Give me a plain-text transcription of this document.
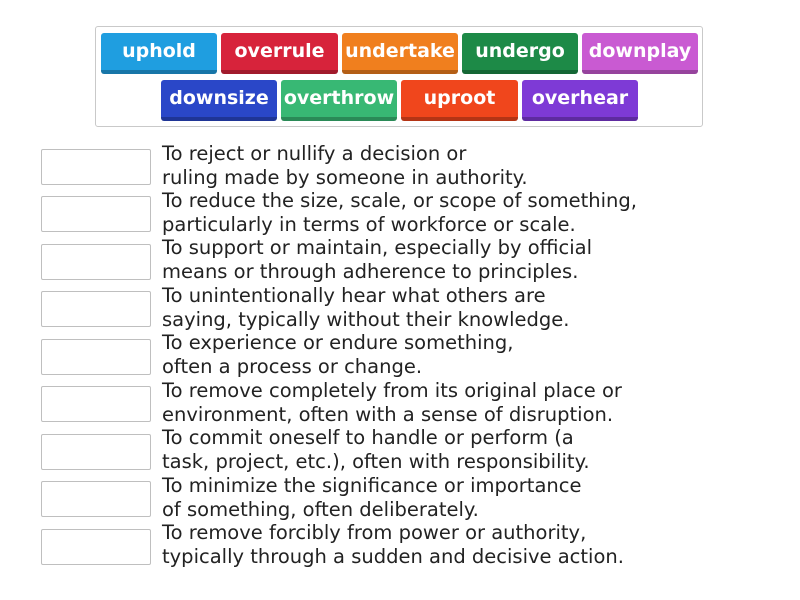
uphold	overrule	undertake	undergo	downplay
downsize overthrow	uproot	overhear
To reject or nullify a decision or
ruling made by someone in authority.
To reduce the size, scale, or scope of something,
particularly in terms of workforce or scale.
To support or maintain, especially by official
means or through adherence to principles.
To unintentionally hear what others are
saying, typically without their knowledge.
To experience or endure something,
often a process or change.
To remove completely from its original place or
environment, often with a sense of disruption.
To commit oneself to handle or perform (a
task, project, etc.), often with responsibility.
To minimize the significance or importance
of something, often deliberately.
To remove forcibly from power or authority,
typically through a sudden and decisive action.
